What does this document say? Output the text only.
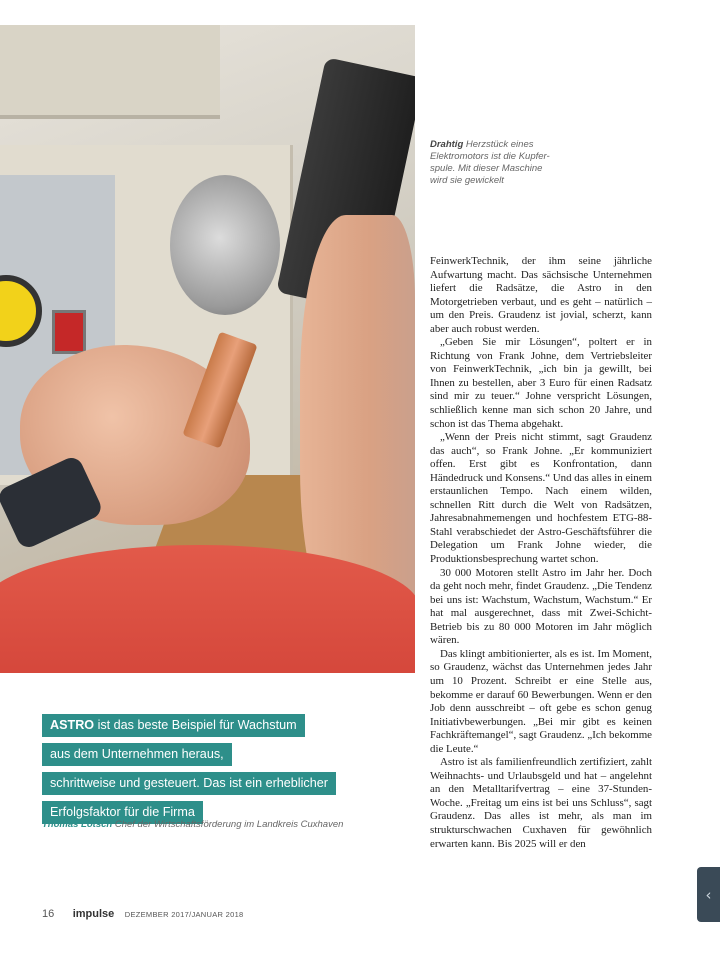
Drahtig Herzstück eines
Elektromotors ist die Kupfer-
spule. Mit dieser Maschine
wird sie gewickelt

FeinwerkTechnik, der ihm seine jährliche Aufwartung macht. Das sächsische Unternehmen liefert die Radsätze, die Astro in den Motorgetrieben verbaut, und es geht – natürlich – um den Preis. Graudenz ist jovial, scherzt, kann aber auch robust werden.

„Geben Sie mir Lösungen“, poltert er in Richtung von Frank Johne, dem Vertriebsleiter von FeinwerkTechnik, „ich bin ja gewillt, bei Ihnen zu bestellen, aber 3 Euro für einen Radsatz sind mir zu teuer.“ Johne verspricht Lösungen, schließlich kenne man sich schon 20 Jahre, und schon ist das Thema abgehakt.

„Wenn der Preis nicht stimmt, sagt Graudenz das auch“, so Frank Johne. „Er kommuniziert offen. Erst gibt es Konfrontation, dann Händedruck und Konsens.“ Und das alles in einem erstaunlichen Tempo. Nach einem wilden, schnellen Ritt durch die Welt von Radsätzen, Jahresabnahmemengen und hochfestem ETG-88-Stahl verabschiedet der Astro-Geschäftsführer die Delegation um Frank Johne wieder, die Produktionsbesprechung wartet schon.

30 000 Motoren stellt Astro im Jahr her. Doch da geht noch mehr, findet Graudenz. „Die Tendenz bei uns ist: Wachstum, Wachstum, Wachstum.“ Er hat mal ausgerechnet, dass mit Zwei-Schicht-Betrieb bis zu 80 000 Motoren im Jahr möglich wären.

Das klingt ambitionierter, als es ist. Im Moment, so Graudenz, wächst das Unternehmen jedes Jahr um 10 Prozent. Schreibt er eine Stelle aus, bekomme er darauf 60 Bewerbungen. Wenn er den Job denn ausschreibt – oft gebe es schon genug Initiativbewerbungen. „Bei mir gibt es keinen Fachkräftemangel“, sagt Graudenz. „Ich bekomme die Leute.“

Astro ist als familienfreundlich zertifiziert, zahlt Weihnachts- und Urlaubsgeld und hat – angelehnt an den Metalltarifvertrag – eine 37-Stunden-Woche. „Freitag um eins ist bei uns Schluss“, sagt Graudenz. Das alles ist mehr, als man im strukturschwachen Cuxhaven für gewöhnlich erwarten kann. Bis 2025 will er den

ASTRO ist das beste Beispiel für Wachstum
aus dem Unternehmen heraus,
schrittweise und gesteuert. Das ist ein erheblicher
Erfolgsfaktor für die Firma
Thomas Lötsch Chef der Wirtschaftsförderung im Landkreis Cuxhaven
16 impulse DEZEMBER 2017/JANUAR 2018
‹
